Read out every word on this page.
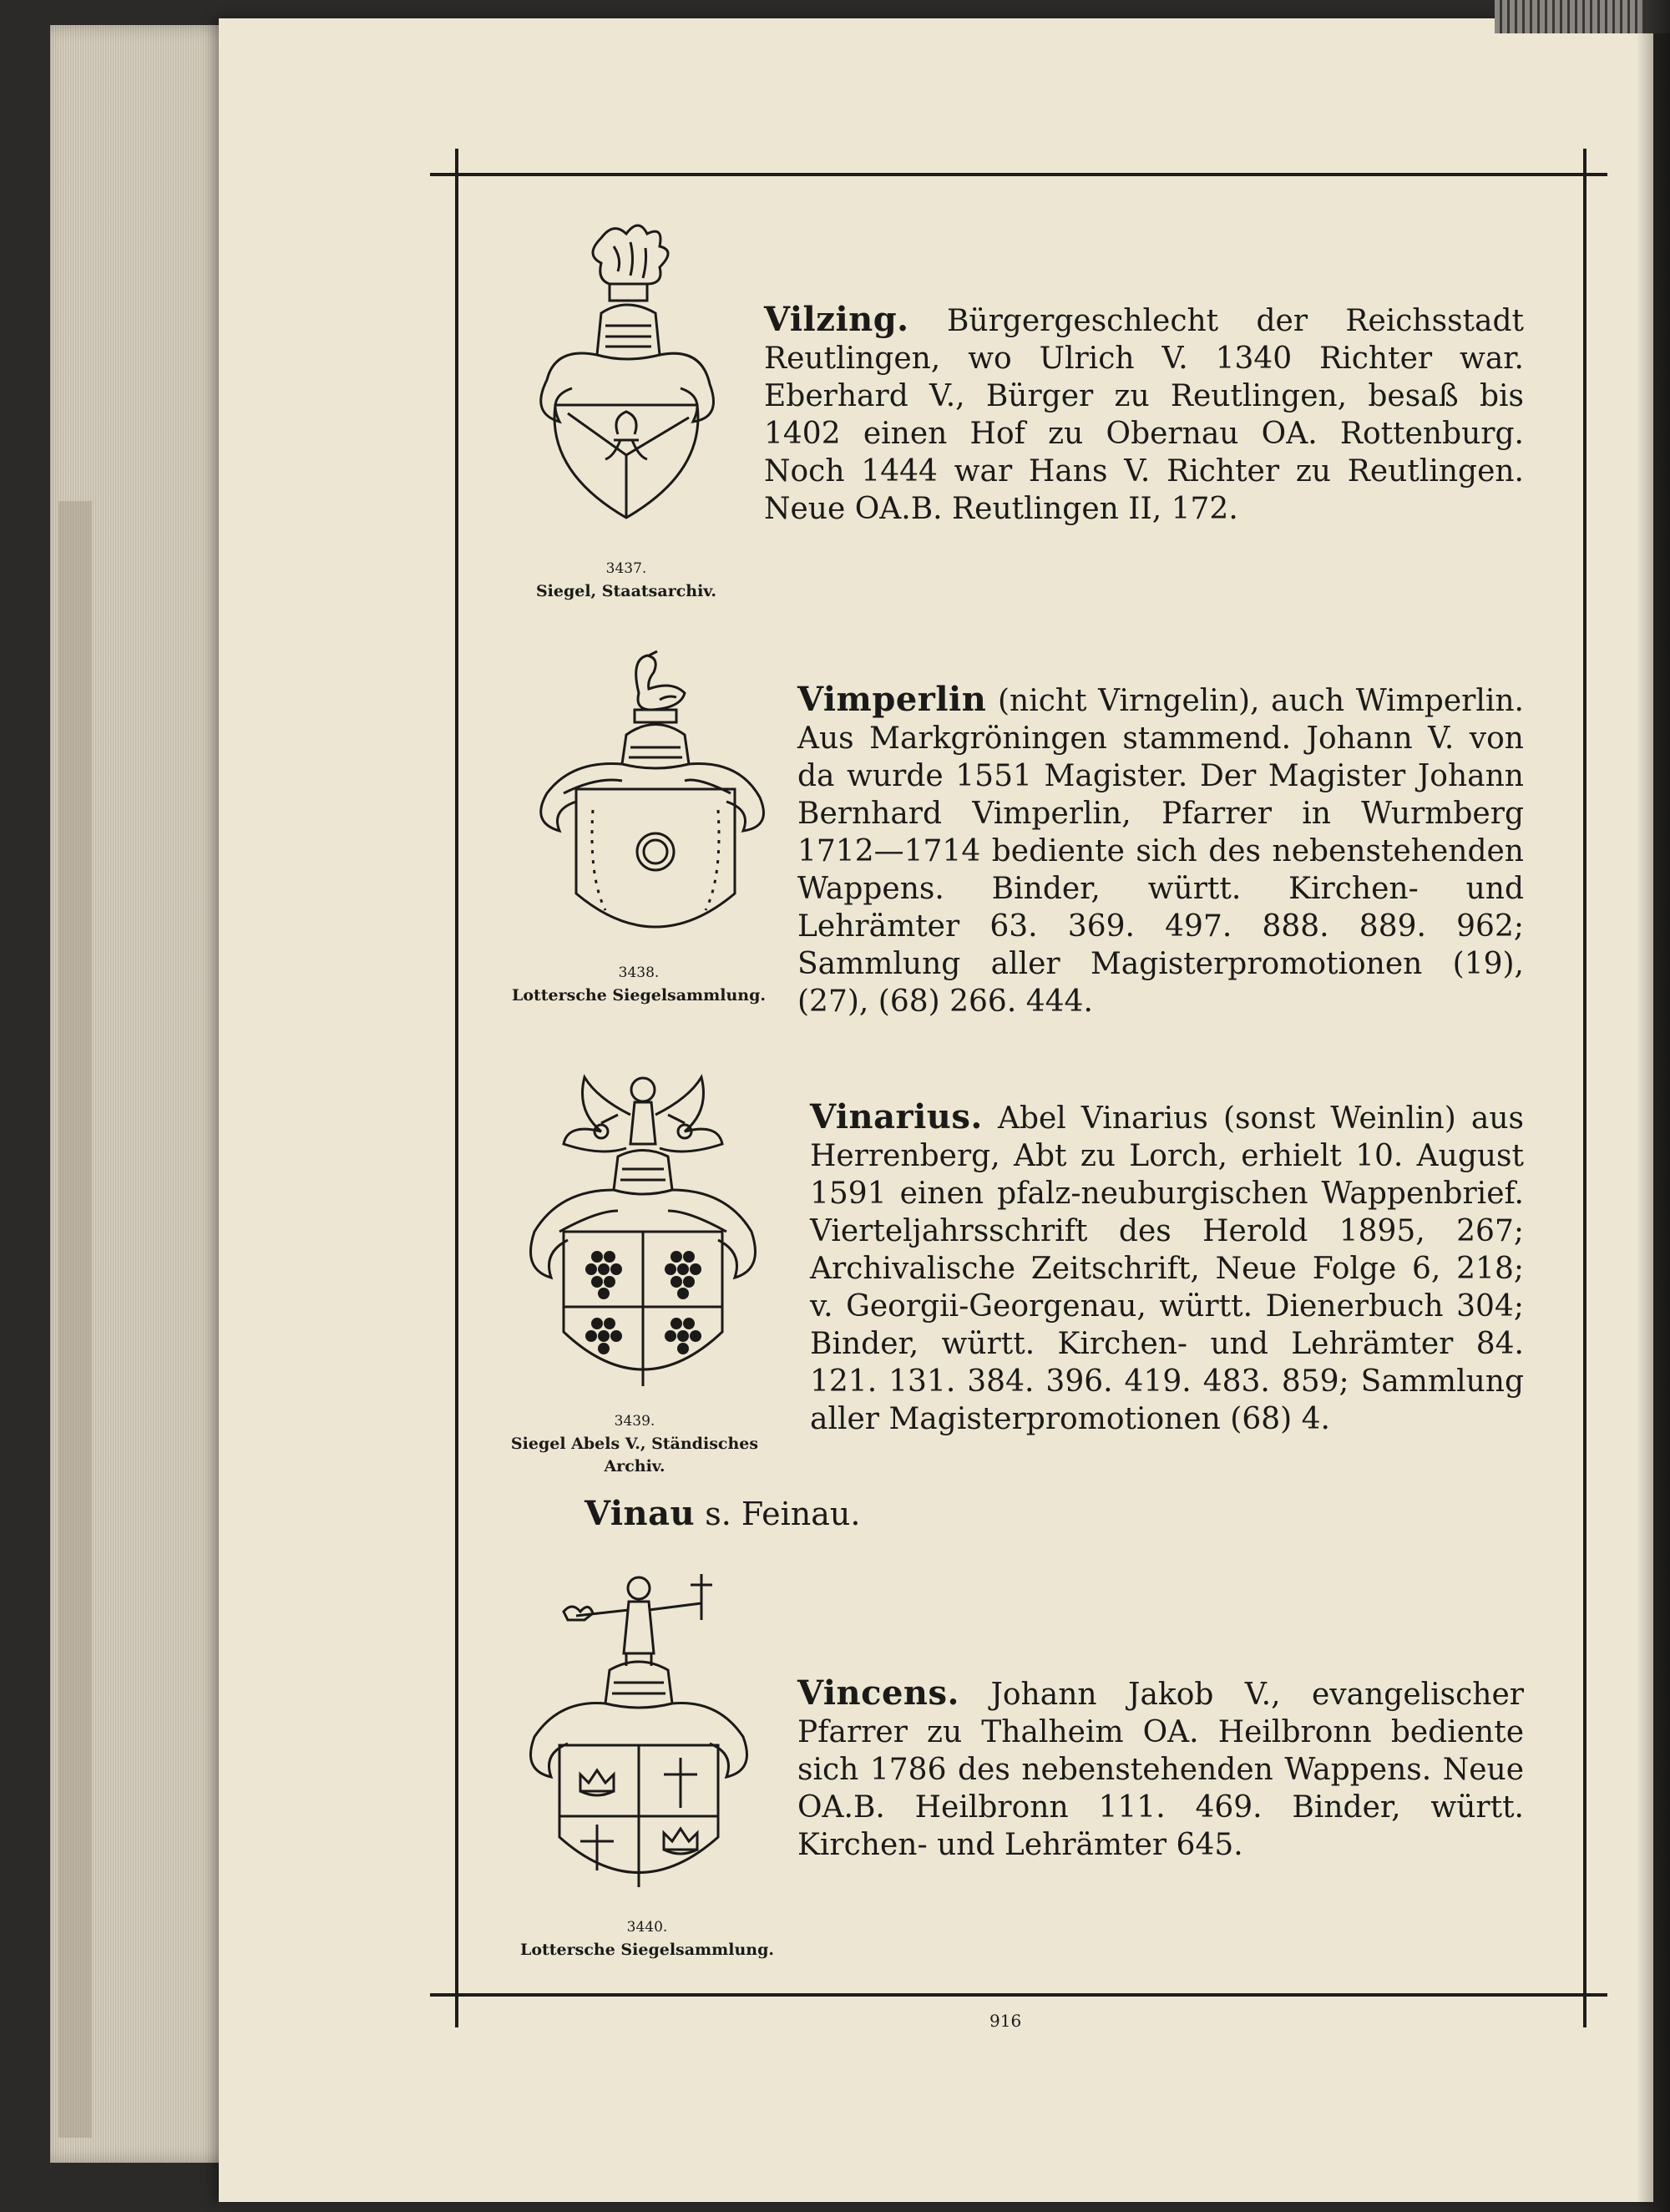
3437.
Siegel, Staatsarchiv.

Vilzing. Bürgergeschlecht der Reichsstadt Reutlingen, wo Ulrich V. 1340 Richter war. Eberhard V., Bürger zu Reutlingen, besaß bis 1402 einen Hof zu Obernau OA. Rottenburg. Noch 1444 war Hans V. Richter zu Reutlingen. Neue OA.B. Reutlingen II, 172.

3438.
Lottersche Siegelsammlung.

Vimperlin (nicht Virngelin), auch Wimperlin. Aus Markgröningen stammend. Johann V. von da wurde 1551 Magister. Der Magister Johann Bernhard Vimperlin, Pfarrer in Wurmberg 1712—1714 bediente sich des nebenstehenden Wappens. Binder, württ. Kirchen- und Lehrämter 63. 369. 497. 888. 889. 962; Sammlung aller Magisterpromotionen (19), (27), (68) 266. 444.

3439.
Siegel Abels V., Ständisches Archiv.

Vinarius. Abel Vinarius (sonst Weinlin) aus Herrenberg, Abt zu Lorch, erhielt 10. August 1591 einen pfalz-neuburgischen Wappenbrief. Vierteljahrsschrift des Herold 1895, 267; Archivalische Zeitschrift, Neue Folge 6, 218; v. Georgii-Georgenau, württ. Dienerbuch 304; Binder, württ. Kirchen- und Lehrämter 84. 121. 131. 384. 396. 419. 483. 859; Sammlung aller Magisterpromotionen (68) 4.

Vinau s. Feinau.

3440.
Lottersche Siegelsammlung.

Vincens. Johann Jakob V., evangelischer Pfarrer zu Thalheim OA. Heilbronn bediente sich 1786 des nebenstehenden Wappens. Neue OA.B. Heilbronn 111. 469. Binder, württ. Kirchen- und Lehrämter 645.

916
